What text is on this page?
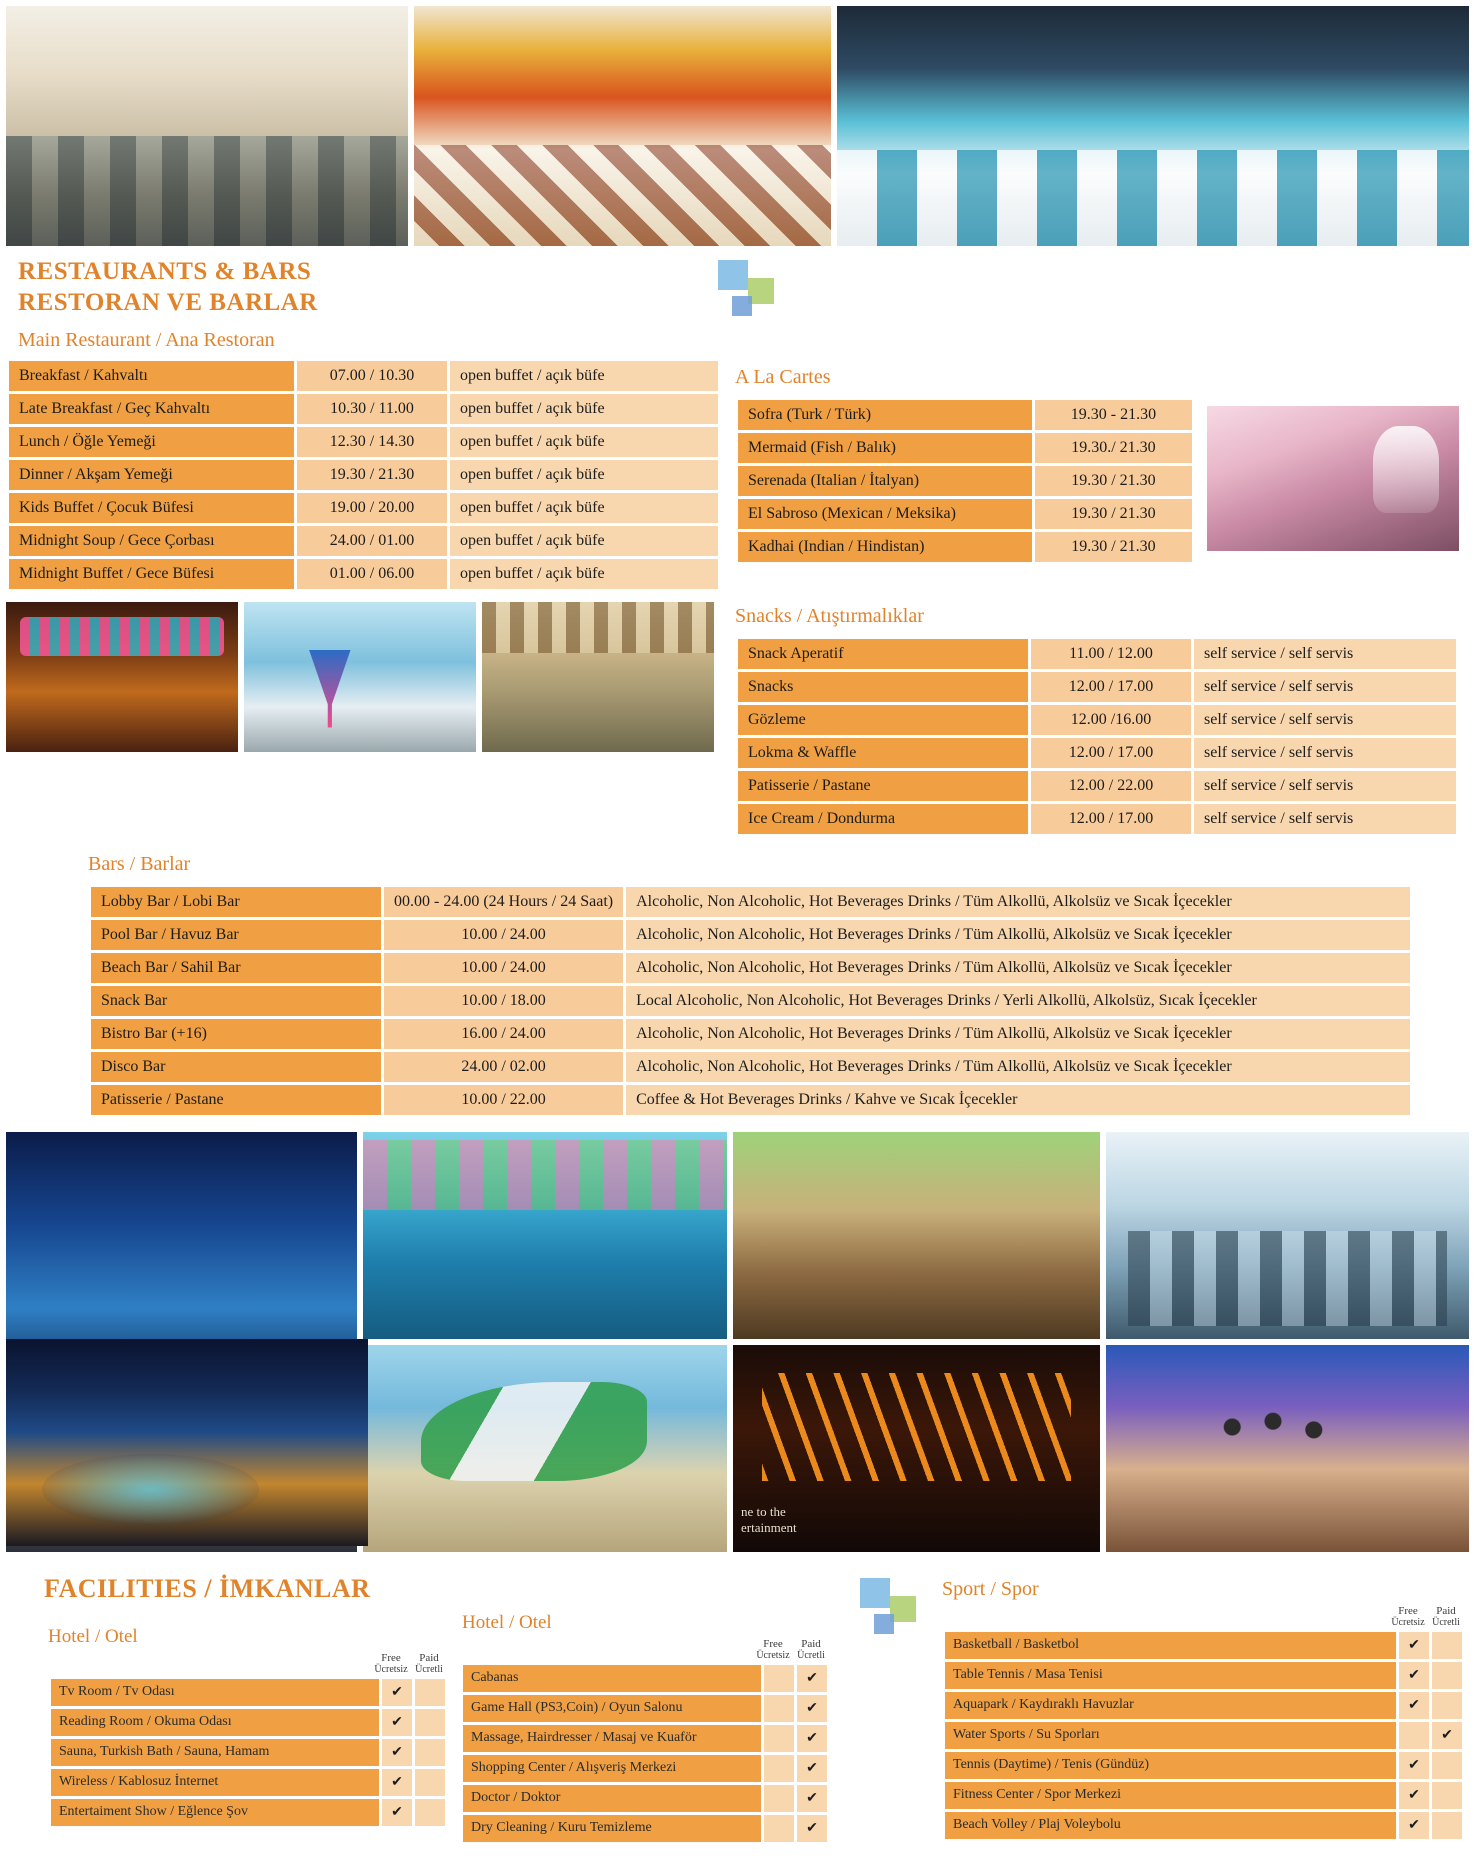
RESTAURANTS & BARS
RESTORAN VE BARLAR
Main Restaurant / Ana Restoran
Breakfast / Kahvaltı	07.00 / 10.30	open buffet / açık büfe
Late Breakfast / Geç Kahvaltı	10.30 / 11.00	open buffet / açık büfe
Lunch / Öğle Yemeği	12.30 / 14.30	open buffet / açık büfe
Dinner / Akşam Yemeği	19.30 / 21.30	open buffet / açık büfe
Kids Buffet / Çocuk Büfesi	19.00 / 20.00	open buffet / açık büfe
Midnight Soup / Gece Çorbası	24.00 / 01.00	open buffet / açık büfe
Midnight Buffet / Gece Büfesi	01.00 / 06.00	open buffet / açık büfe
A La Cartes
Sofra (Turk / Türk)	19.30 - 21.30
Mermaid (Fish / Balık)	19.30./ 21.30
Serenada (Italian / İtalyan)	19.30 / 21.30
El Sabroso (Mexican / Meksika)	19.30 / 21.30
Kadhai (Indian / Hindistan)	19.30 / 21.30
Snacks / Atıştırmalıklar
Snack Aperatif	11.00 / 12.00	self service / self servis
Snacks	12.00 / 17.00	self service / self servis
Gözleme	12.00 /16.00	self service / self servis
Lokma & Waffle	12.00 / 17.00	self service / self servis
Patisserie / Pastane	12.00 / 22.00	self service / self servis
Ice Cream / Dondurma	12.00 / 17.00	self service / self servis
Bars / Barlar
Lobby Bar / Lobi Bar	00.00 - 24.00 (24 Hours / 24 Saat)	Alcoholic, Non Alcoholic, Hot Beverages Drinks / Tüm Alkollü, Alkolsüz ve Sıcak İçecekler
Pool Bar / Havuz Bar	10.00 / 24.00	Alcoholic, Non Alcoholic, Hot Beverages Drinks / Tüm Alkollü, Alkolsüz ve Sıcak İçecekler
Beach Bar / Sahil Bar	10.00 / 24.00	Alcoholic, Non Alcoholic, Hot Beverages Drinks / Tüm Alkollü, Alkolsüz ve Sıcak İçecekler
Snack Bar	10.00 / 18.00	Local Alcoholic, Non Alcoholic, Hot Beverages Drinks / Yerli Alkollü, Alkolsüz, Sıcak İçecekler
Bistro Bar (+16)	16.00 / 24.00	Alcoholic, Non Alcoholic, Hot Beverages Drinks / Tüm Alkollü, Alkolsüz ve Sıcak İçecekler
Disco Bar	24.00 / 02.00	Alcoholic, Non Alcoholic, Hot Beverages Drinks / Tüm Alkollü, Alkolsüz ve Sıcak İçecekler
Patisserie / Pastane	10.00 / 22.00	Coffee & Hot Beverages Drinks / Kahve ve Sıcak İçecekler
ne to the
ertainment
FACILITIES / İMKANLAR
Hotel / Otel
Free
Ücretsiz
Paid
Ücretli
Tv Room / Tv Odası	✔	
Reading Room / Okuma Odası	✔	
Sauna, Turkish Bath / Sauna, Hamam	✔	
Wireless / Kablosuz İnternet	✔	
Entertaiment Show / Eğlence Şov	✔	
Hotel / Otel
Free
Ücretsiz
Paid
Ücretli
Cabanas		✔
Game Hall (PS3,Coin) / Oyun Salonu		✔
Massage, Hairdresser / Masaj ve Kuaför		✔
Shopping Center / Alışveriş Merkezi		✔
Doctor / Doktor		✔
Dry Cleaning / Kuru Temizleme		✔
Sport / Spor
Free
Ücretsiz
Paid
Ücretli
Basketball / Basketbol	✔	
Table Tennis / Masa Tenisi	✔	
Aquapark / Kaydıraklı Havuzlar	✔	
Water Sports / Su Sporları		✔
Tennis (Daytime) / Tenis (Gündüz)	✔	
Fitness Center / Spor Merkezi	✔	
Beach Volley / Plaj Voleybolu	✔	
